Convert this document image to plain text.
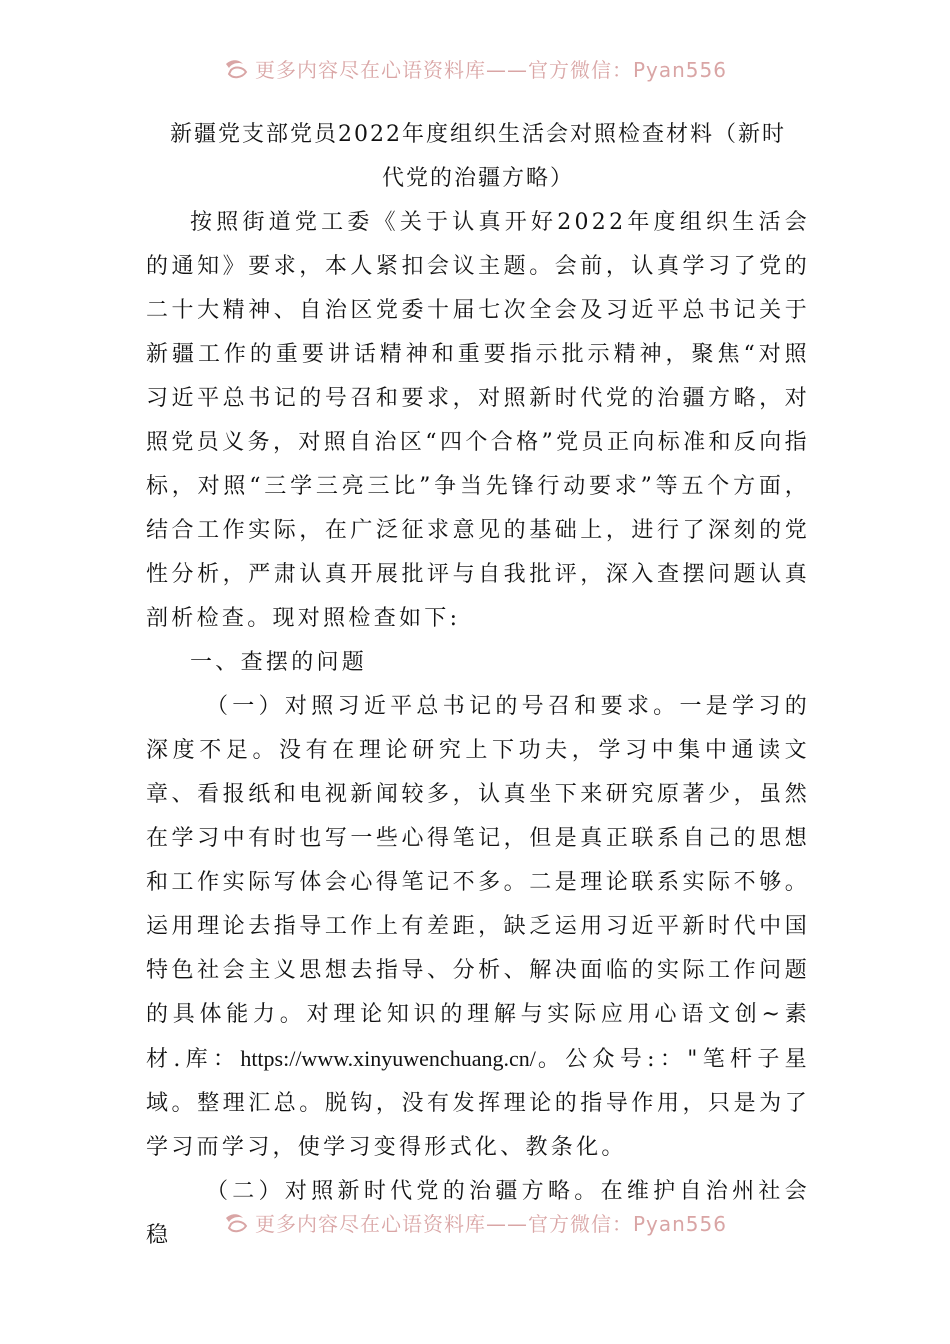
更多内容尽在心语资料库——官方微信：Pyan556
新疆党支部党员2022年度组织生活会对照检查材料（新时
代党的治疆方略）

按照街道党工委《关于认真开好2022年度组织生活会的通知》要求，本人紧扣会议主题。会前，认真学习了党的二十大精神、自治区党委十届七次全会及习近平总书记关于新疆工作的重要讲话精神和重要指示批示精神，聚焦“对照习近平总书记的号召和要求，对照新时代党的治疆方略，对照党员义务，对照自治区“四个合格”党员正向标准和反向指标，对照“三学三亮三比”争当先锋行动要求”等五个方面，结合工作实际，在广泛征求意见的基础上，进行了深刻的党性分析，严肃认真开展批评与自我批评，深入查摆问题认真剖析检查。现对照检查如下:

一、查摆的问题

（一）对照习近平总书记的号召和要求。一是学习的深度不足。没有在理论研究上下功夫，学习中集中通读文章、看报纸和电视新闻较多，认真坐下来研究原著少，虽然在学习中有时也写一些心得笔记，但是真正联系自己的思想和工作实际写体会心得笔记不多。二是理论联系实际不够。运用理论去指导工作上有差距，缺乏运用习近平新时代中国特色社会主义思想去指导、分析、解决面临的实际工作问题的具体能力。对理论知识的理解与实际应用心语文创~素材.库：https://www.xinyuwenchuang.cn/。公众号:："笔杆子星域。整理汇总。脱钩，没有发挥理论的指导作用，只是为了学习而学习，使学习变得形式化、教条化。

（二）对照新时代党的治疆方略。在维护自治州社会稳	更多内容尽在心语资料库——官方微信：Pyan556
